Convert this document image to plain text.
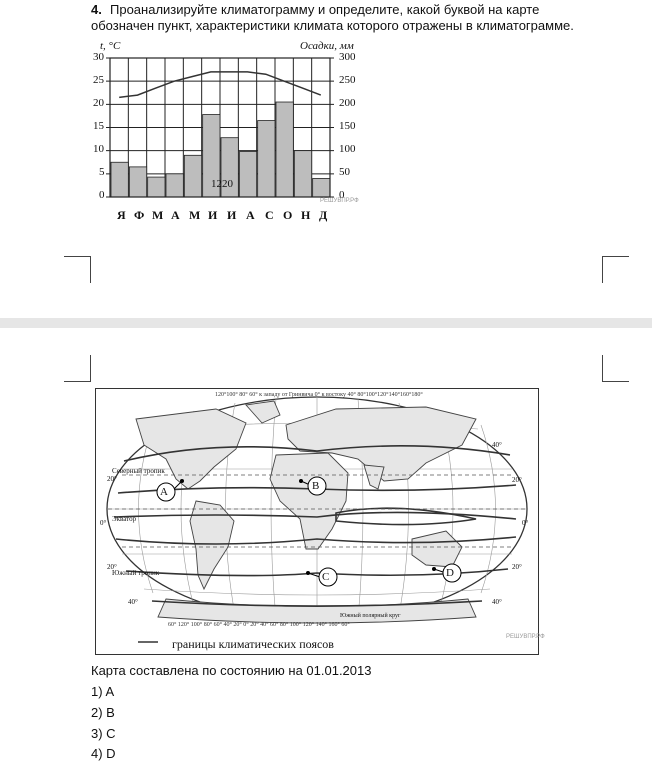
4. Проанализируйте климатограмму и определите, какой буквой на карте
обозначен пункт, характеристики климата которого отражены в климатограмме.
t, °C	Осадки, мм
30
25
20
15
10
5
0
300
250
200
150
100
50
0
1220
РЕШУВПР.РФ
Я Ф М А М И И А С О Н Д
120°100° 80° 60° к западу от Гринвича 0° к востоку 40° 80°100°120°140°160°180°
Северный тропик
Экватор
Южный тропик
Южный полярный круг
20°
0°
20°
40°
40°
20°
0°
20°
40°
A	B
C	D
60° 120° 100° 80° 60° 40° 20° 0° 20° 40° 60° 80° 100° 120° 140° 160° 60°
границы климатических поясов	РЕШУВПР.РФ
Карта составлена по состоянию на 01.01.2013
1) A
2) B
3) C
4) D
